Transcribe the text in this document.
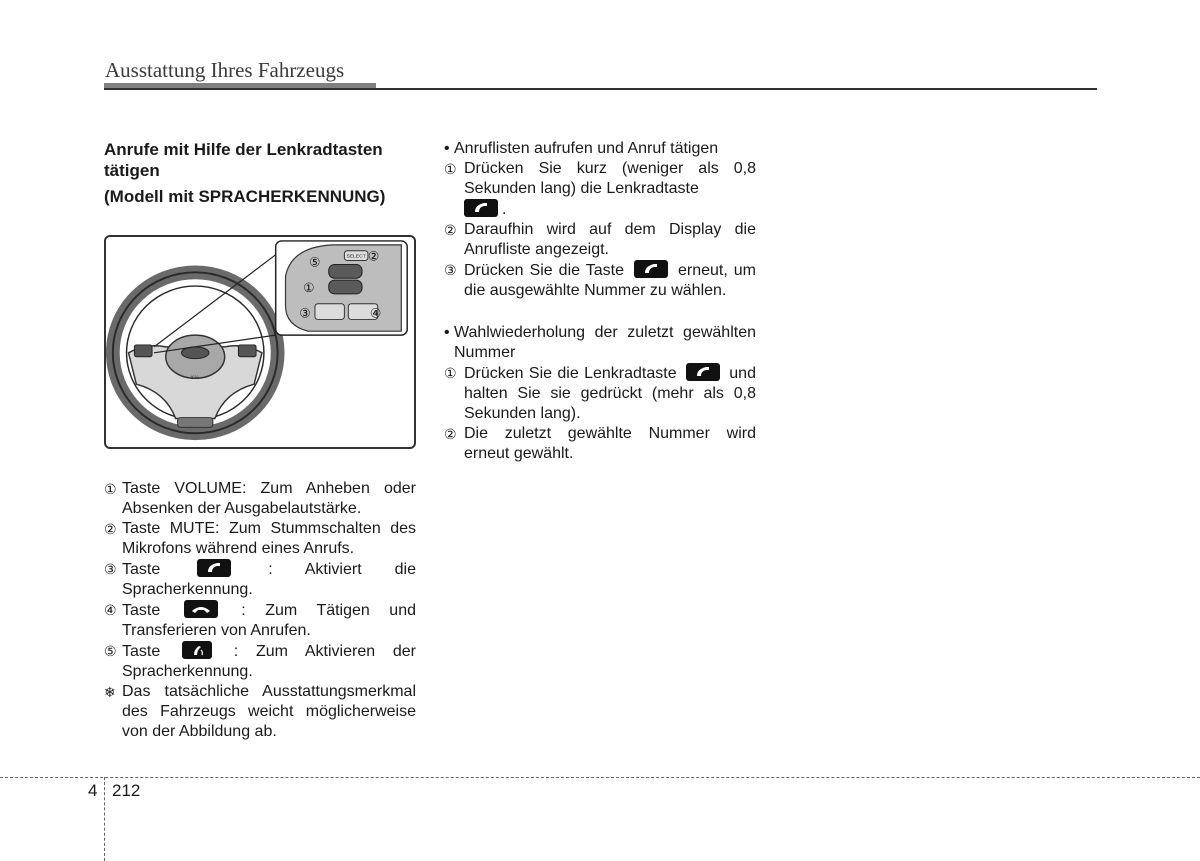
Ausstattung Ihres Fahrzeugs

Anrufe mit Hilfe der Lenkradtasten tätigen

(Modell mit SPRACHERKENNUNG)

KIA
SELECT
⑤	②
①
③	④
① Taste VOLUME: Zum Anheben oder Absenken der Ausgabelautstärke.
② Taste MUTE: Zum Stummschalten des Mikrofons während eines Anrufs.
③ Taste	: Aktiviert die Spracherkennung.
④ Taste	: Zum Tätigen und Transferieren von Anrufen.
⑤ Taste	: Zum Aktivieren der Spracherkennung.
❄ Das tatsächliche Ausstattungsmerkmal des Fahrzeugs weicht möglicherweise von der Abbildung ab.
• Anruflisten aufrufen und Anruf tätigen
① Drücken Sie kurz (weniger als 0,8 Sekunden lang) die Lenkradtaste
.
② Daraufhin wird auf dem Display die Anrufliste angezeigt.
③ Drücken Sie die Taste	erneut, um die ausgewählte Nummer zu wählen.
• Wahlwiederholung der zuletzt gewählten Nummer
① Drücken Sie die Lenkradtaste	und halten Sie sie gedrückt (mehr als 0,8 Sekunden lang).
② Die zuletzt gewählte Nummer wird erneut gewählt.
4 212
